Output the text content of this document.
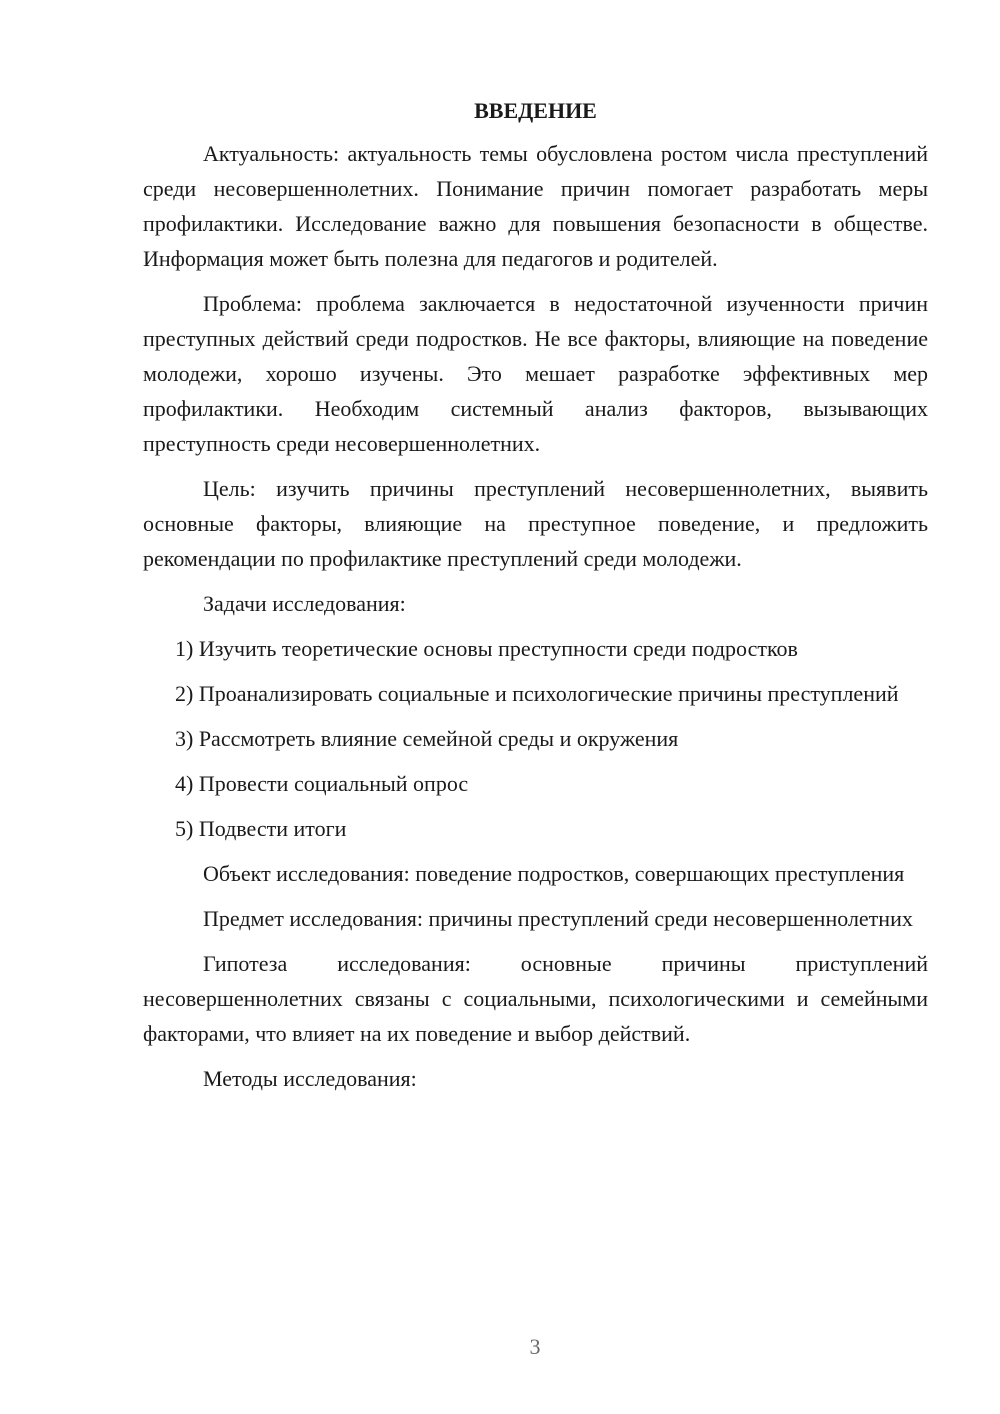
ВВЕДЕНИЕ

Актуальность: актуальность темы обусловлена ростом числа преступлений среди несовершеннолетних. Понимание причин помогает разработать меры профилактики. Исследование важно для повышения безопасности в обществе. Информация может быть полезна для педагогов и родителей.

Проблема: проблема заключается в недостаточной изученности причин преступных действий среди подростков. Не все факторы, влияющие на поведение молодежи, хорошо изучены. Это мешает разработке эффективных мер профилактики. Необходим системный анализ факторов, вызывающих преступность среди несовершеннолетних.

Цель: изучить причины преступлений несовершеннолетних, выявить основные факторы, влияющие на преступное поведение, и предложить рекомендации по профилактике преступлений среди молодежи.

Задачи исследования:

1) Изучить теоретические основы преступности среди подростков

2) Проанализировать социальные и психологические причины преступлений

3) Рассмотреть влияние семейной среды и окружения

4) Провести социальный опрос

5) Подвести итоги

Объект исследования: поведение подростков, совершающих преступления

Предмет исследования: причины преступлений среди несовершеннолетних

Гипотеза исследования: основные причины приступлений несовершеннолетних связаны с социальными, психологическими и семейными факторами, что влияет на их поведение и выбор действий.

Методы исследования:

3
